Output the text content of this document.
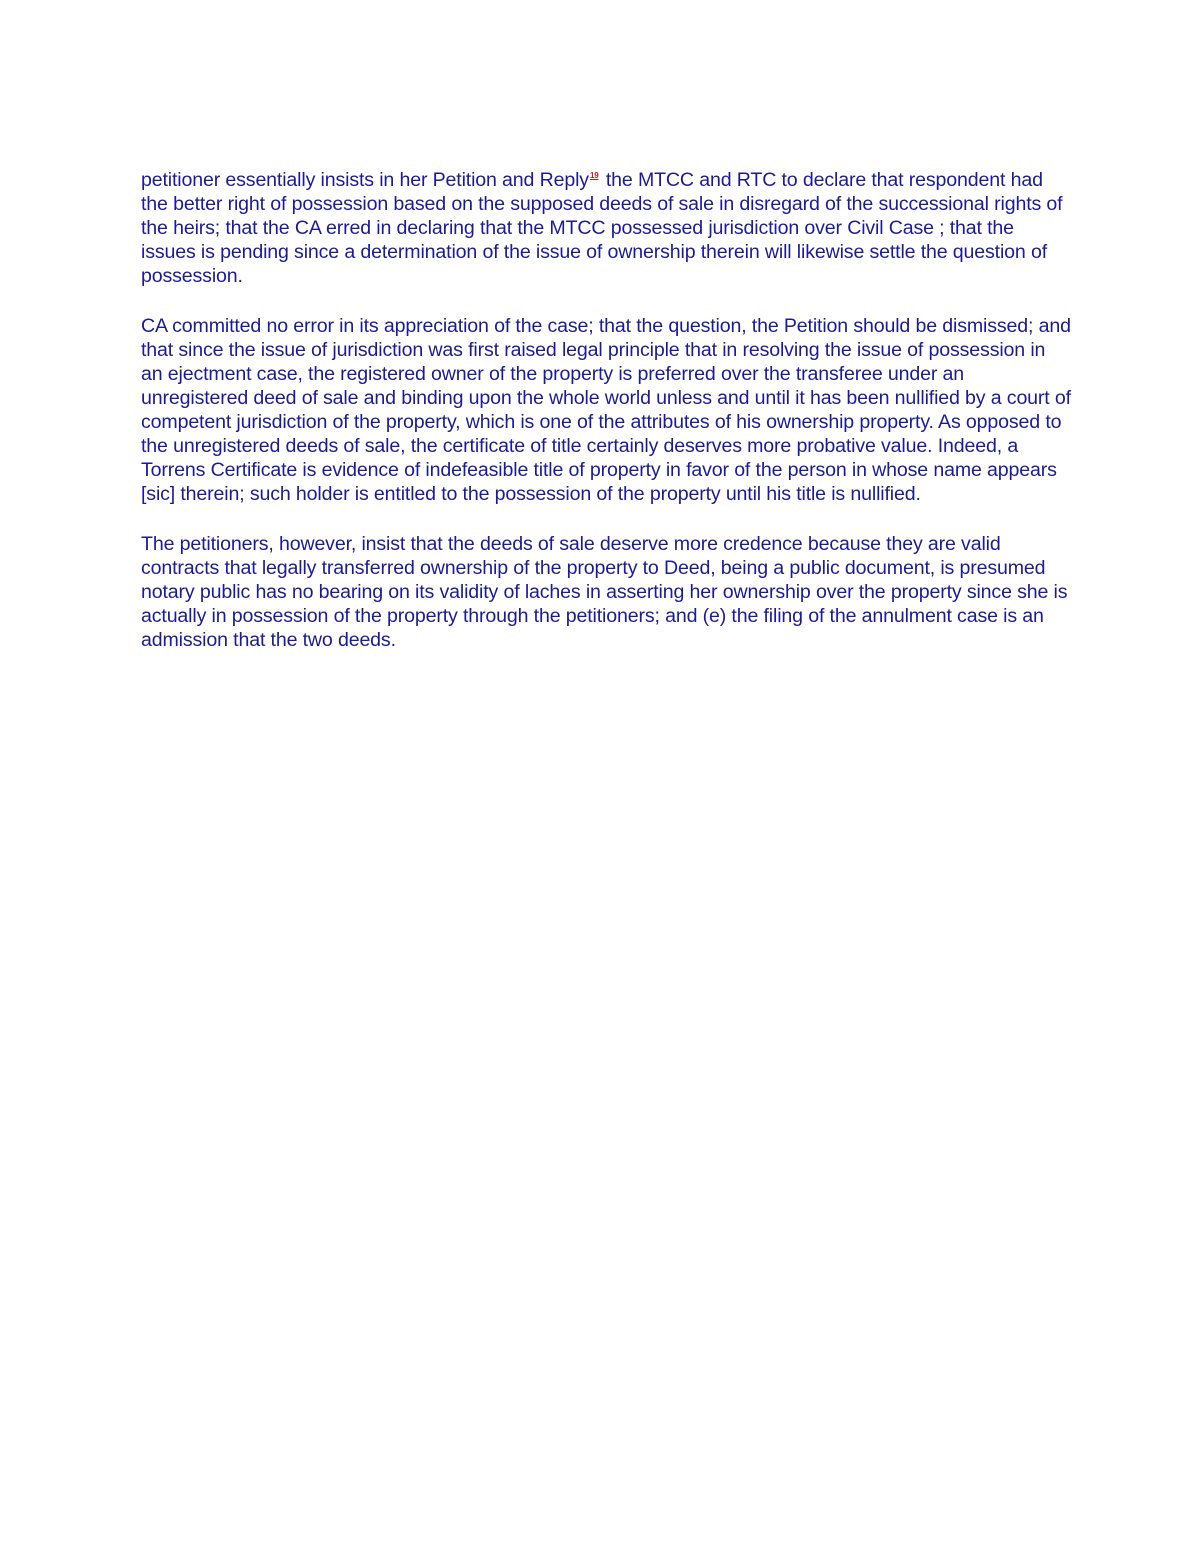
petitioner essentially insists in her Petition and Reply$^{19}$ the MTCC and RTC to declare that respondent had the better right of possession based on the supposed deeds of sale in disregard of the successional rights of the heirs; that the CA erred in declaring that the MTCC possessed jurisdiction over Civil Case ; that the issues is pending since a determination of the issue of ownership therein will likewise settle the question of possession.

CA committed no error in its appreciation of the case; that the question, the Petition should be dismissed; and that since the issue of jurisdiction was first raised legal principle that in resolving the issue of possession in an ejectment case, the registered owner of the property is preferred over the transferee under an unregistered deed of sale and binding upon the whole world unless and until it has been nullified by a court of competent jurisdiction of the property, which is one of the attributes of his ownership property. As opposed to the unregistered deeds of sale, the certificate of title certainly deserves more probative value. Indeed, a Torrens Certificate is evidence of indefeasible title of property in favor of the person in whose name appears [sic] therein; such holder is entitled to the possession of the property until his title is nullified.

The petitioners, however, insist that the deeds of sale deserve more credence because they are valid contracts that legally transferred ownership of the property to Deed, being a public document, is presumed notary public has no bearing on its validity of laches in asserting her ownership over the property since she is actually in possession of the property through the petitioners; and (e) the filing of the annulment case is an admission that the two deeds.
